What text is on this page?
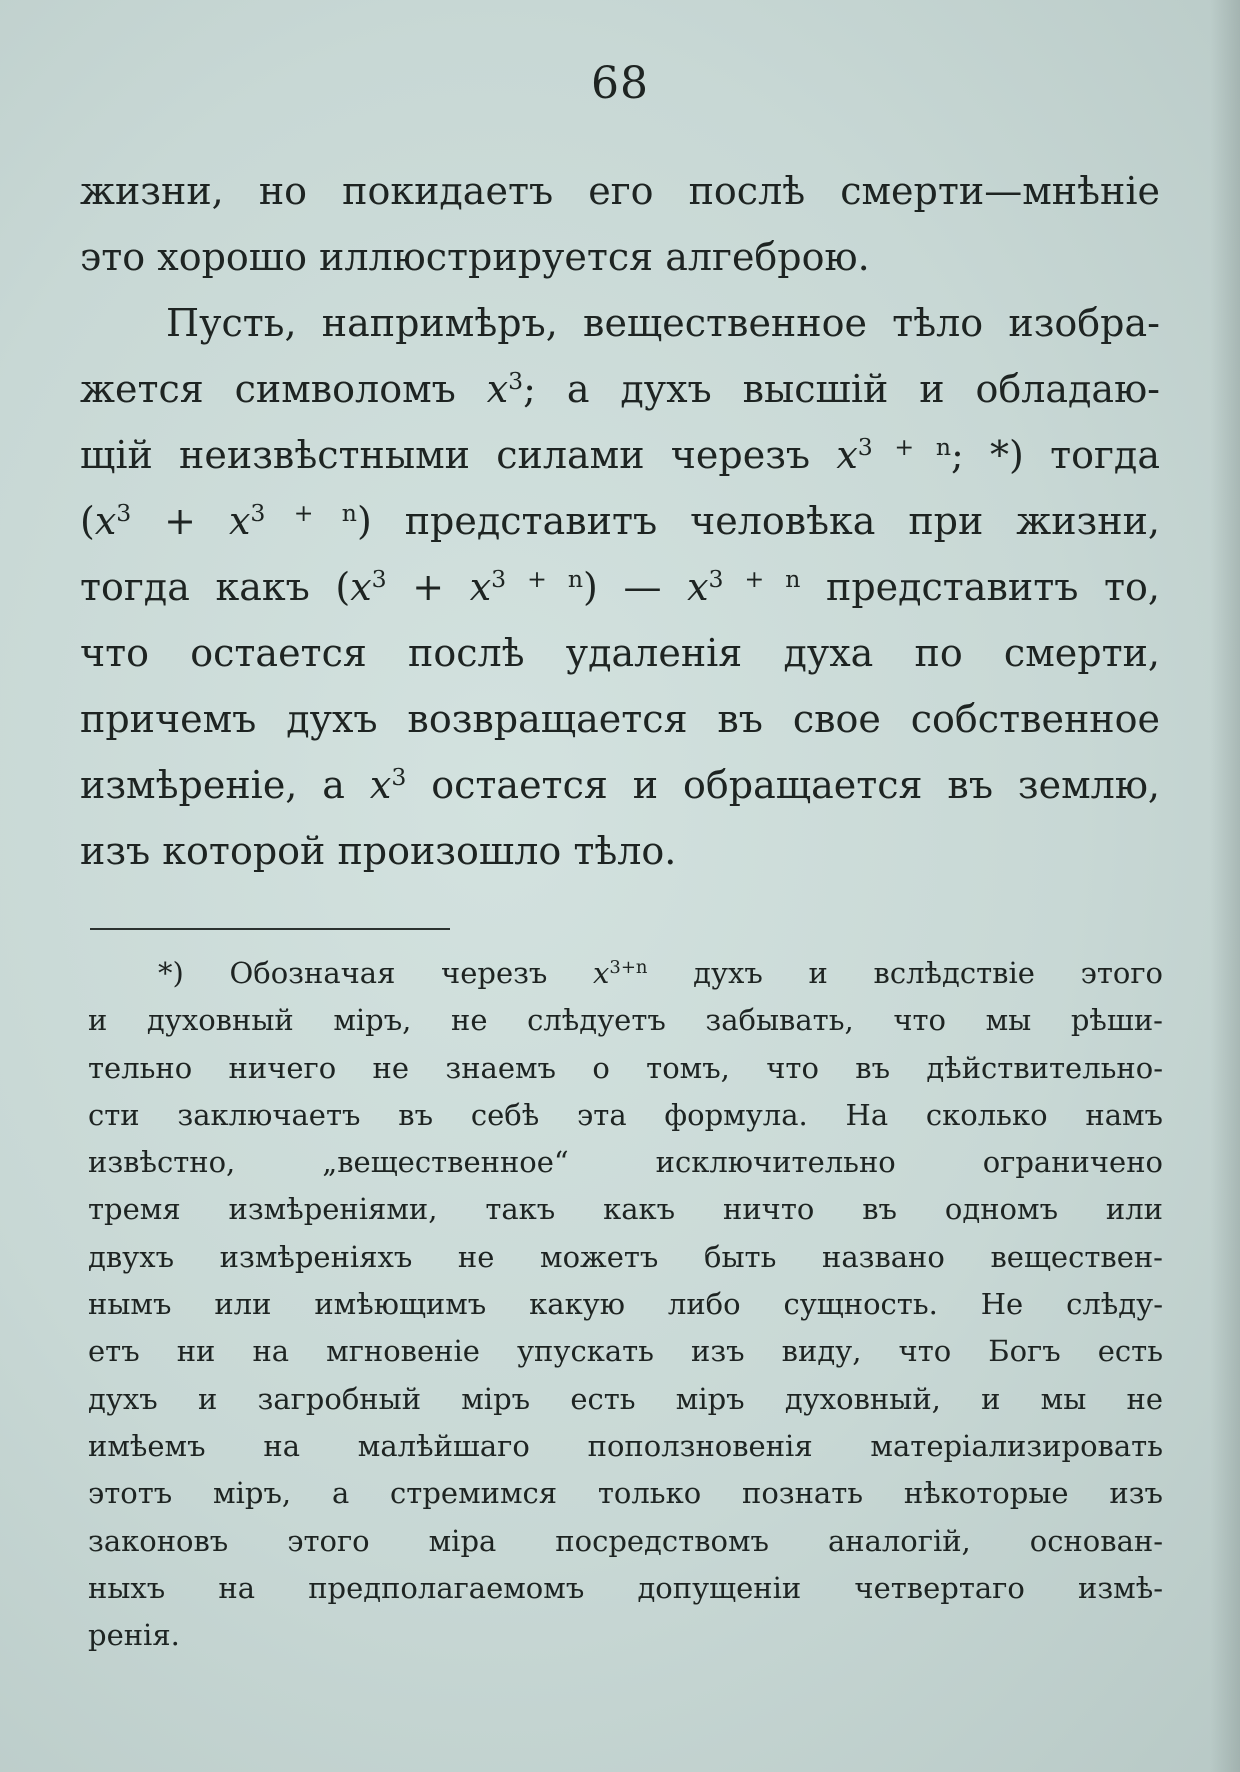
68
жизни, но покидаетъ его послѣ смерти—мнѣніе
это хорошо иллюстрируется алгеброю.
Пусть, напримѣръ, вещественное тѣло изобра-
жется символомъ $x^3$; а духъ высшій и обладаю-
щій неизвѣстными силами черезъ $x^{3 + n}$; *) тогда
$(x^3 + x^{3 + n})$ представитъ человѣка при жизни,
тогда какъ $(x^3 + x^{3 + n})$ — $x^{3 + n}$ представитъ то,
что остается послѣ удаленія духа по смерти,
причемъ духъ возвращается въ свое собственное
измѣреніе, а $x^3$ остается и обращается въ землю,
изъ которой произошло тѣло.
*) Обозначая черезъ $x^{3+n}$ духъ и вслѣдствіе этого
и духовный міръ, не слѣдуетъ забывать, что мы рѣши-
тельно ничего не знаемъ о томъ, что въ дѣйствительно-
сти заключаетъ въ себѣ эта формула. На сколько намъ
извѣстно, „вещественное“ исключительно ограничено
тремя измѣреніями, такъ какъ ничто въ одномъ или
двухъ измѣреніяхъ не можетъ быть названо веществен-
нымъ или имѣющимъ какую либо сущность. Не слѣду-
етъ ни на мгновеніе упускать изъ виду, что Богъ есть
духъ и загробный міръ есть міръ духовный, и мы не
имѣемъ на малѣйшаго поползновенія матеріализировать
этотъ міръ, а стремимся только познать нѣкоторые изъ
законовъ этого міра посредствомъ аналогій, основан-
ныхъ на предполагаемомъ допущеніи четвертаго измѣ-
ренія.
